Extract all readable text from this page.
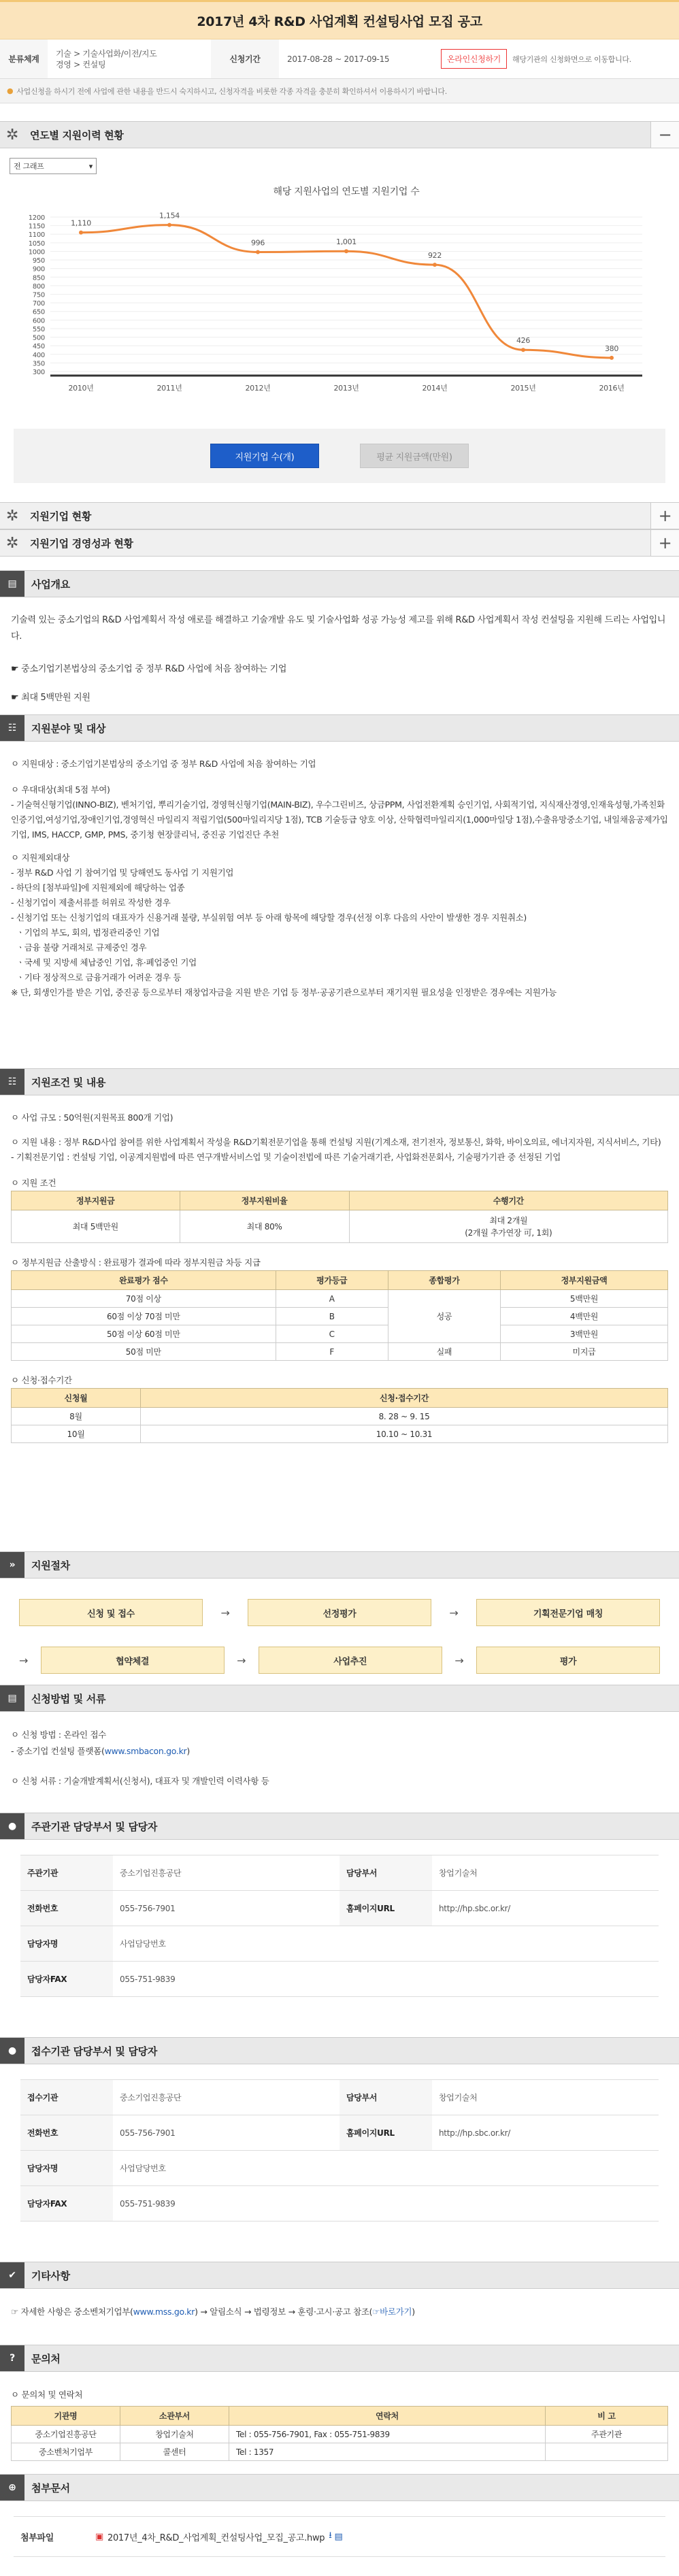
2017년 4차 R&D 사업계획 컨설팅사업 모집 공고
분류체계
기술 > 기술사업화/이전/지도
경영 > 컨설팅
신청기간	2017-08-28 ~ 2017-09-15	온라인신청하기	해당기관의 신청화면으로 이동합니다.
● 사업신청을 하시기 전에 사업에 관한 내용을 반드시 숙지하시고, 신청자격을 비롯한 각종 자격을 충분히 확인하셔서 이용하시기 바랍니다.
✲	연도별 지원이력 현황	−
전 그래프	▾
해당 지원사업의 연도별 지원기업 수
1200
1150
1100
1050
1000
950
900
850
800
750
700
650
600
550
500
450
400
350
300
2010년	2011년	2012년	2013년	2014년	2015년	2016년
1,110
1,154
996	1,001
922
426
380
지원기업 수(개)	평균 지원금액(만원)
✲	지원기업 현황	+
✲	지원기업 경영성과 현황	+
▤	사업개요

기술력 있는 중소기업의 R&D 사업계획서 작성 애로를 해결하고 기술개발 유도 및 기술사업화 성공 가능성 제고를 위해 R&D 사업계획서 작성 컨설팅을 지원해 드리는 사업입니다.

☛ 중소기업기본법상의 중소기업 중 정부 R&D 사업에 처음 참여하는 기업

☛ 최대 5백만원 지원

☷	지원분야 및 대상

ㅇ 지원대상 : 중소기업기본법상의 중소기업 중 정부 R&D 사업에 처음 참여하는 기업

ㅇ 우대대상(최대 5점 부여)

- 기술혁신형기업(INNO-BIZ), 벤처기업, 뿌리기술기업, 경영혁신형기업(MAIN-BIZ), 우수그린비즈, 상금PPM, 사업전환계획 승인기업, 사회적기업, 지식재산경영,인재육성형,가족친화인증기업,여성기업,장애인기업,경영혁신 마일리지 적립기업(500마일리지당 1점), TCB 기술등급 양호 이상, 산학협력마일리지(1,000마일당 1점),수출유망중소기업, 내일채움공제가입기업, IMS, HACCP, GMP, PMS, 중기청 현장클리닉, 중진공 기업진단 추천

ㅇ 지원제외대상

- 정부 R&D 사업 기 참여기업 및 당해연도 동사업 기 지원기업

- 하단의 [첨부파일]에 지원제외에 해당하는 업종

- 신청기업이 제출서류를 허위로 작성한 경우

- 신청기업 또는 신청기업의 대표자가 신용거래 불량, 부실위험 여부 등 아래 항목에 해당할 경우(선정 이후 다음의 사안이 발생한 경우 지원취소)

ㆍ기업의 부도, 회의, 법정관리중인 기업

ㆍ금융 불량 거래처로 규제중인 경우

ㆍ국세 및 지방세 체납중인 기업, 휴·폐업중인 기업

ㆍ기타 정상적으로 금융거래가 어려운 경우 등

※ 단, 회생인가를 받은 기업, 중진공 등으로부터 재창업자금을 지원 받은 기업 등 정부·공공기관으로부터 재기지원 필요성을 인정받은 경우에는 지원가능

☷	지원조건 및 내용

ㅇ 사업 규모 : 50억원(지원목표 800개 기업)

ㅇ 지원 내용 : 정부 R&D사업 참여를 위한 사업계획서 작성을 R&D기획전문기업을 통해 컨설팅 지원(기계소재, 전기전자, 정보통신, 화학, 바이오의료, 에너지자원, 지식서비스, 기타)

- 기획전문기업 : 컨설팅 기업, 이공계지원법에 따른 연구개발서비스업 및 기술이전법에 따른 기술거래기관, 사업화전문회사, 기술평가기관 중 선정된 기업

ㅇ 지원 조건

정부지원금	정부지원비율	수행기간
최대 5백만원	최대 80%	최대 2개월
(2개월 추가연장 可, 1회)

ㅇ 정부지원금 산출방식 : 완료평가 결과에 따라 정부지원금 차등 지급

완료평가 점수	평가등급	종합평가	정부지원금액
70점 이상	A	성공	5백만원
60점 이상 70점 미만	B		4백만원
50점 이상 60점 미만	C		3백만원
50점 미만	F	실패	미지급

ㅇ 신청·접수기간

신청월	신청·접수기간
8월	8. 28 ~ 9. 15
10월	10.10 ~ 10.31
»	지원절차
신청 및 접수	→	선정평가	→	기획전문기업 매칭
→	협약체결	→	사업추진	→	평가
▤	신청방법 및 서류

ㅇ 신청 방법 : 온라인 접수

- 중소기업 컨설팅 플랫폼(www.smbacon.go.kr)

ㅇ 신청 서류 : 기술개발계획서(신청서), 대표자 및 개발인력 이력사항 등

●	주관기관 담당부서 및 담당자
주관기관	중소기업진흥공단	담당부서	창업기술처
전화번호	055-756-7901	홈페이지URL	http://hp.sbc.or.kr/
담당자명	사업담당번호		
담당자FAX	055-751-9839		
●	접수기관 담당부서 및 담당자
접수기관	중소기업진흥공단	담당부서	창업기술처
전화번호	055-756-7901	홈페이지URL	http://hp.sbc.or.kr/
담당자명	사업담당번호		
담당자FAX	055-751-9839		
✔	기타사항

☞ 자세한 사항은 중소벤처기업부(www.mss.go.kr) → 알림소식 → 법령정보 → 훈령·고시·공고 참조(☞바로가기)

?	문의처

ㅇ 문의처 및 연락처

기관명	소관부서	연락처	비 고
중소기업진흥공단	창업기술처	Tel : 055-756-7901, Fax : 055-751-9839	주관기관
중소벤처기업부	콜센터	Tel : 1357	
⊕	첨부문서
첨부파일	▣ 2017년_4차_R&D_사업계획_컨설팅사업_모집_공고.hwp ⭳ ▤
